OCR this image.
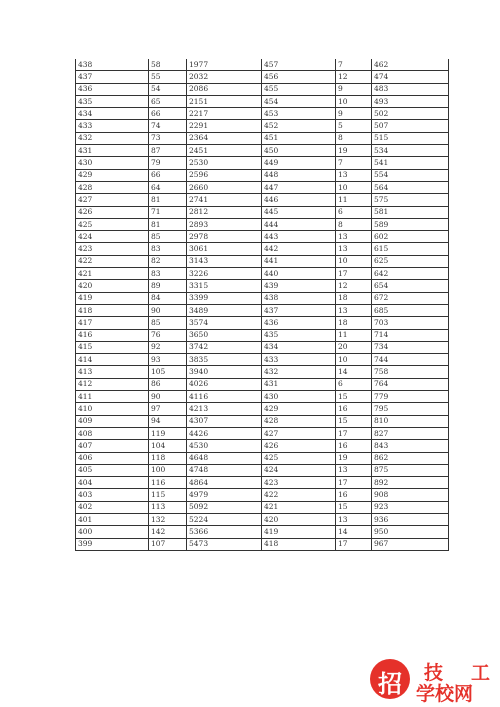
438	58	1977	457	7	462
437	55	2032	456	12	474
436	54	2086	455	9	483
435	65	2151	454	10	493
434	66	2217	453	9	502
433	74	2291	452	5	507
432	73	2364	451	8	515
431	87	2451	450	19	534
430	79	2530	449	7	541
429	66	2596	448	13	554
428	64	2660	447	10	564
427	81	2741	446	11	575
426	71	2812	445	6	581
425	81	2893	444	8	589
424	85	2978	443	13	602
423	83	3061	442	13	615
422	82	3143	441	10	625
421	83	3226	440	17	642
420	89	3315	439	12	654
419	84	3399	438	18	672
418	90	3489	437	13	685
417	85	3574	436	18	703
416	76	3650	435	11	714
415	92	3742	434	20	734
414	93	3835	433	10	744
413	105	3940	432	14	758
412	86	4026	431	6	764
411	90	4116	430	15	779
410	97	4213	429	16	795
409	94	4307	428	15	810
408	119	4426	427	17	827
407	104	4530	426	16	843
406	118	4648	425	19	862
405	100	4748	424	13	875
404	116	4864	423	17	892
403	115	4979	422	16	908
402	113	5092	421	15	923
401	132	5224	420	13	936
400	142	5366	419	14	950
399	107	5473	418	17	967
招	技 工
学校网
